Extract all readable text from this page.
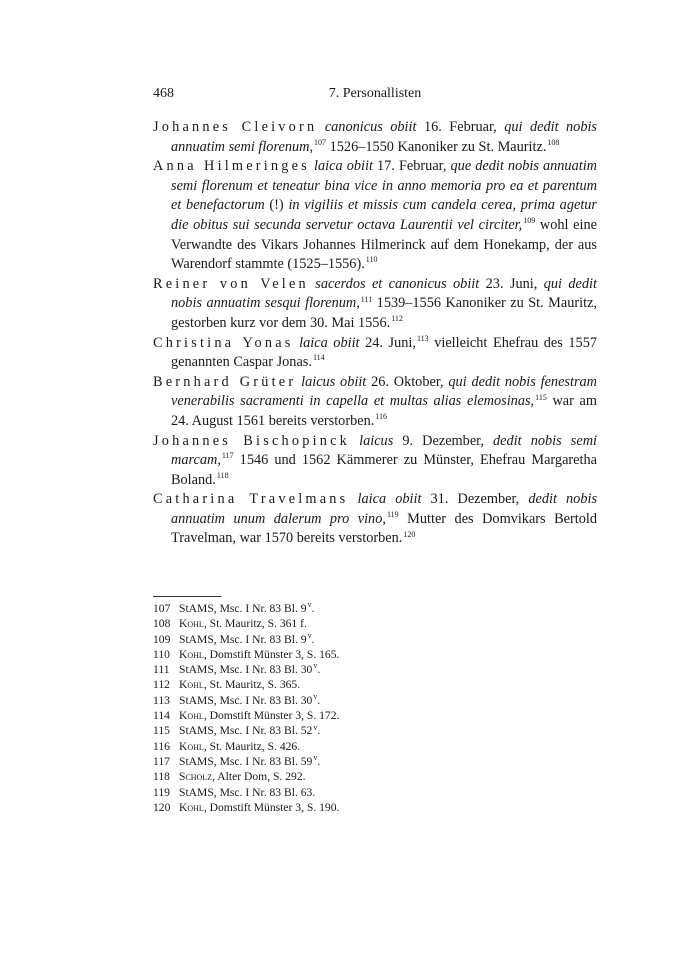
468	7. Personallisten

Johannes Cleivorn canonicus obiit 16. Februar, qui dedit nobis annuatim semi florenum,$^{107}$ 1526–1550 Kanoniker zu St. Mauritz.$^{108}$

Anna Hilmeringes laica obiit 17. Februar, que dedit nobis annuatim semi florenum et teneatur bina vice in anno memoria pro ea et parentum et benefactorum (!) in vigiliis et missis cum candela cerea, prima agetur die obitus sui secunda servetur octava Laurentii vel circiter,$^{109}$ wohl eine Verwandte des Vikars Johannes Hilmerinck auf dem Honekamp, der aus Warendorf stammte (1525–1556).$^{110}$

Reiner von Velen sacerdos et canonicus obiit 23. Juni, qui dedit nobis annuatim sesqui florenum,$^{111}$ 1539–1556 Kanoniker zu St. Mauritz, gestorben kurz vor dem 30. Mai 1556.$^{112}$

Christina Yonas laica obiit 24. Juni,$^{113}$ vielleicht Ehefrau des 1557 genannten Caspar Jonas.$^{114}$

Bernhard Grüter laicus obiit 26. Oktober, qui dedit nobis fenestram venerabilis sacramenti in capella et multas alias elemosinas,$^{115}$ war am 24. August 1561 bereits verstorben.$^{116}$

Johannes Bischopinck laicus 9. Dezember, dedit nobis semi marcam,$^{117}$ 1546 und 1562 Kämmerer zu Münster, Ehefrau Margaretha Boland.$^{118}$

Catharina Travelmans laica obiit 31. Dezember, dedit nobis annuatim unum dalerum pro vino,$^{119}$ Mutter des Domvikars Bertold Travelman, war 1570 bereits verstorben.$^{120}$

107 StAMS, Msc. I Nr. 83 Bl. 9$^v$.
108 Kohl, St. Mauritz, S. 361 f.
109 StAMS, Msc. I Nr. 83 Bl. 9$^v$.
110 Kohl, Domstift Münster 3, S. 165.
111 StAMS, Msc. I Nr. 83 Bl. 30$^v$.
112 Kohl, St. Mauritz, S. 365.
113 StAMS, Msc. I Nr. 83 Bl. 30$^v$.
114 Kohl, Domstift Münster 3, S. 172.
115 StAMS, Msc. I Nr. 83 Bl. 52$^v$.
116 Kohl, St. Mauritz, S. 426.
117 StAMS, Msc. I Nr. 83 Bl. 59$^v$.
118 Scholz, Alter Dom, S. 292.
119 StAMS, Msc. I Nr. 83 Bl. 63.
120 Kohl, Domstift Münster 3, S. 190.
